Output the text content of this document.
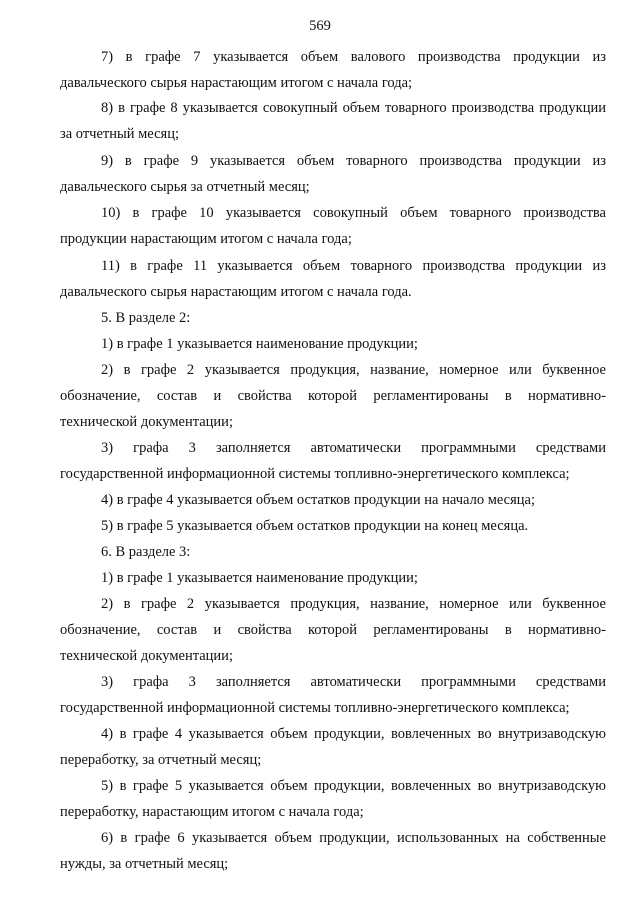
569
7) в графе 7 указывается объем валового производства продукции из
давальческого сырья нарастающим итогом с начала года;
8) в графе 8 указывается совокупный объем товарного производства продукции
за отчетный месяц;
9) в графе 9 указывается объем товарного производства продукции из
давальческого сырья за отчетный месяц;
10) в графе 10 указывается совокупный объем товарного производства
продукции нарастающим итогом с начала года;
11) в графе 11 указывается объем товарного производства продукции из
давальческого сырья нарастающим итогом с начала года.
5. В разделе 2:
1) в графе 1 указывается наименование продукции;
2) в графе 2 указывается продукция, название, номерное или буквенное
обозначение, состав и свойства которой регламентированы в нормативно-
технической документации;
3) графа 3 заполняется автоматически программными средствами
государственной информационной системы топливно-энергетического комплекса;
4) в графе 4 указывается объем остатков продукции на начало месяца;
5) в графе 5 указывается объем остатков продукции на конец месяца.
6. В разделе 3:
1) в графе 1 указывается наименование продукции;
2) в графе 2 указывается продукция, название, номерное или буквенное
обозначение, состав и свойства которой регламентированы в нормативно-
технической документации;
3) графа 3 заполняется автоматически программными средствами
государственной информационной системы топливно-энергетического комплекса;
4) в графе 4 указывается объем продукции, вовлеченных во внутризаводскую
переработку, за отчетный месяц;
5) в графе 5 указывается объем продукции, вовлеченных во внутризаводскую
переработку, нарастающим итогом с начала года;
6) в графе 6 указывается объем продукции, использованных на собственные
нужды, за отчетный месяц;
